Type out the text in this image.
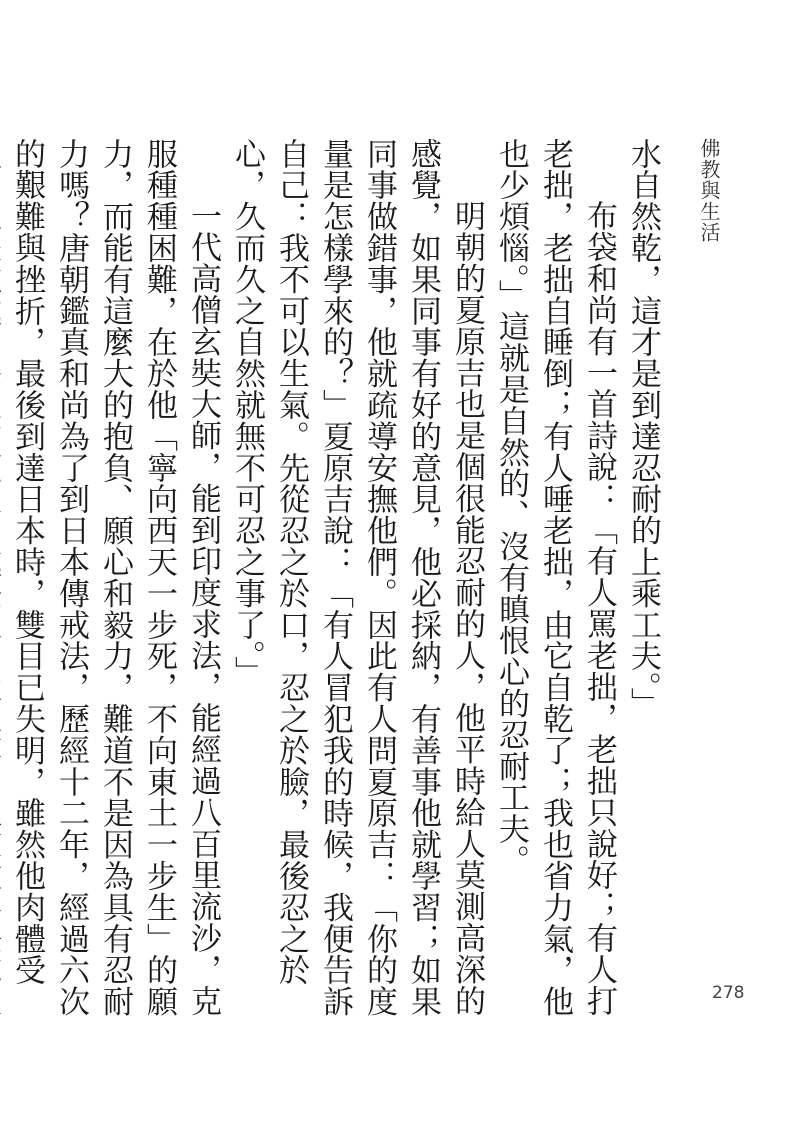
佛教與生活

水自然乾，這才是到達忍耐的上乘工夫。」

布袋和尚有一首詩說：「有人罵老拙，老拙只說好；有人打老拙，老拙自睡倒；有人唾老拙，由它自乾了；我也省力氣，他也少煩惱。」這就是自然的、沒有瞋恨心的忍耐工夫。

明朝的夏原吉也是個很能忍耐的人，他平時給人莫測高深的感覺，如果同事有好的意見，他必採納，有善事他就學習；如果同事做錯事，他就疏導安撫他們。因此有人問夏原吉：「你的度量是怎樣學來的？」夏原吉說：「有人冒犯我的時候，我便告訴自己：我不可以生氣。先從忍之於口，忍之於臉，最後忍之於心，久而久之自然就無不可忍之事了。」

一代高僧玄奘大師，能到印度求法，能經過八百里流沙，克服種種困難，在於他「寧向西天一步死，不向東土一步生」的願力，而能有這麼大的抱負、願心和毅力，難道不是因為具有忍耐力嗎？唐朝鑑真和尚為了到日本傳戒法，歷經十二年，經過六次的艱難與挫折，最後到達日本時，雙目已失明，雖然他肉體受

278
